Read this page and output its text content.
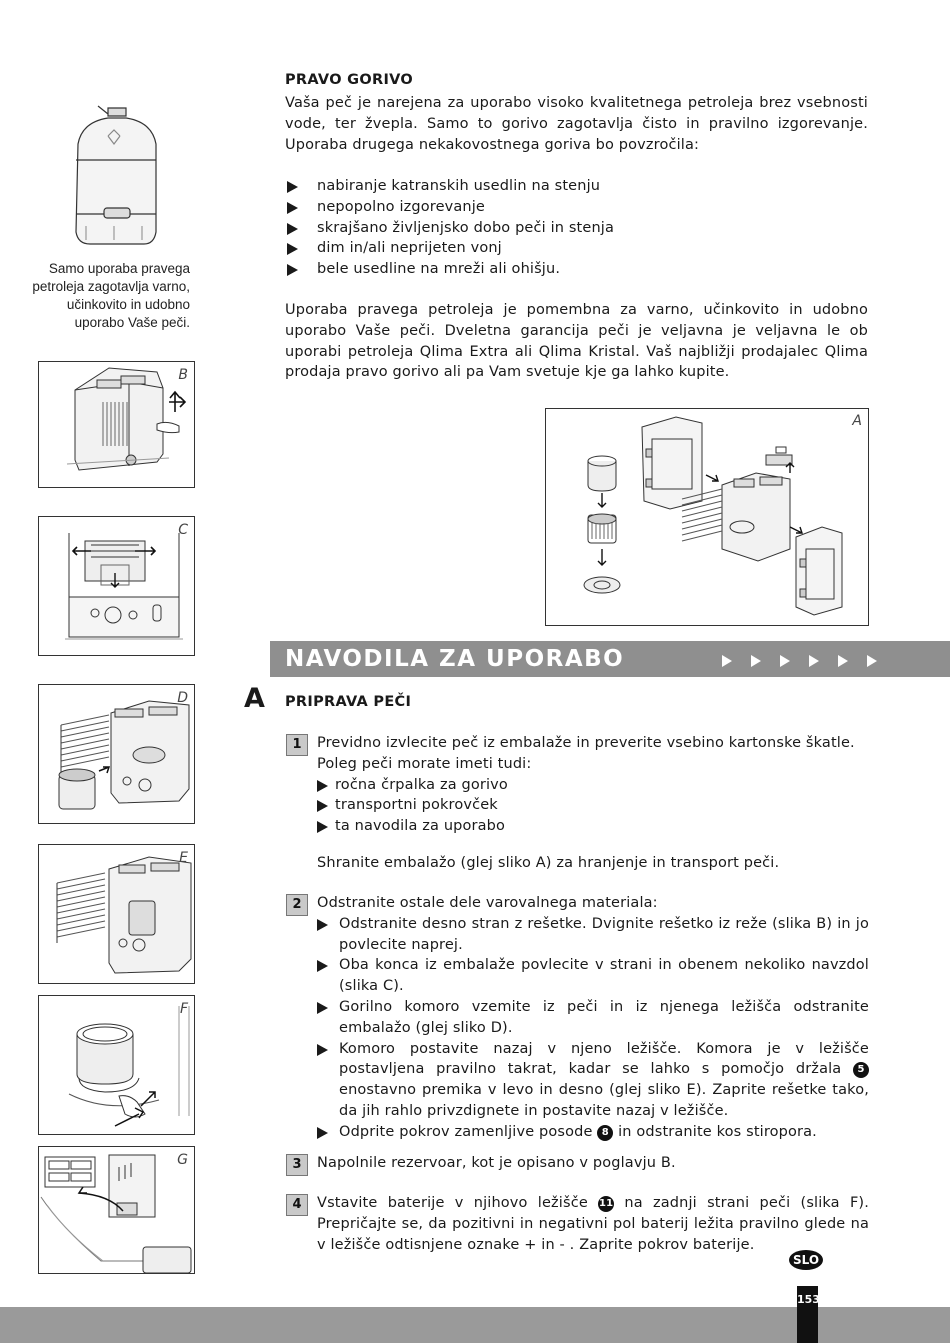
Samo uporaba pravega petroleja zagotavlja varno, učinkovito in udobno uporabo Vaše peči.
B
C
D
E
F
G
PRAVO GORIVO
Vaša peč je narejena za uporabo visoko kvalitetnega petroleja brez vsebnosti vode, ter žvepla. Samo to gorivo zagotavlja čisto in pravilno izgorevanje. Uporaba drugega nekakovostnega goriva bo povzročila:
nabiranje katranskih usedlin na stenju
nepopolno izgorevanje
skrajšano življenjsko dobo peči in stenja
dim in/ali neprijeten vonj
bele usedline na mreži ali ohišju.
Uporaba pravega petroleja je pomembna za varno, učinkovito in udobno uporabo Vaše peči. Dveletna garancija peči je veljavna je veljavna le ob uporabi petroleja Qlima Extra ali Qlima Kristal. Vaš najbližji prodajalec Qlima prodaja pravo gorivo ali pa Vam svetuje kje ga lahko kupite.
A
NAVODILA ZA UPORABO
A PRIPRAVA PEČI
1	Previdno izvlecite peč iz embalaže in preverite vsebino kartonske škatle.
Poleg peči morate imeti tudi:
ročna črpalka za gorivo
transportni pokrovček
ta navodila za uporabo
Shranite embalažo (glej sliko A) za hranjenje in transport peči.
2	Odstranite ostale dele varovalnega materiala:
Odstranite desno stran z rešetke. Dvignite rešetko iz reže (slika B) in jo povlecite naprej.
Oba konca iz embalaže povlecite v strani in obenem nekoliko navzdol (slika C).
Gorilno komoro vzemite iz peči in iz njenega ležišča odstranite embalažo (glej sliko D).
Komoro postavite nazaj v njeno ležišče. Komora je v ležišče postavljena pravilno takrat, kadar se lahko s pomočjo držala 5 enostavno premika v levo in desno (glej sliko E). Zaprite rešetke tako, da jih rahlo privzdignete in postavite nazaj v ležišče.
Odprite pokrov zamenljive posode 8 in odstranite kos stiropora.
3	Napolnile rezervoar, kot je opisano v poglavju B.
4	Vstavite baterije v njihovo ležišče 11 na zadnji strani peči (slika F). Prepričajte se, da pozitivni in negativni pol baterij ležita pravilno glede na v ležišče odtisnjene oznake + in - . Zaprite pokrov baterije.
SLO
153
